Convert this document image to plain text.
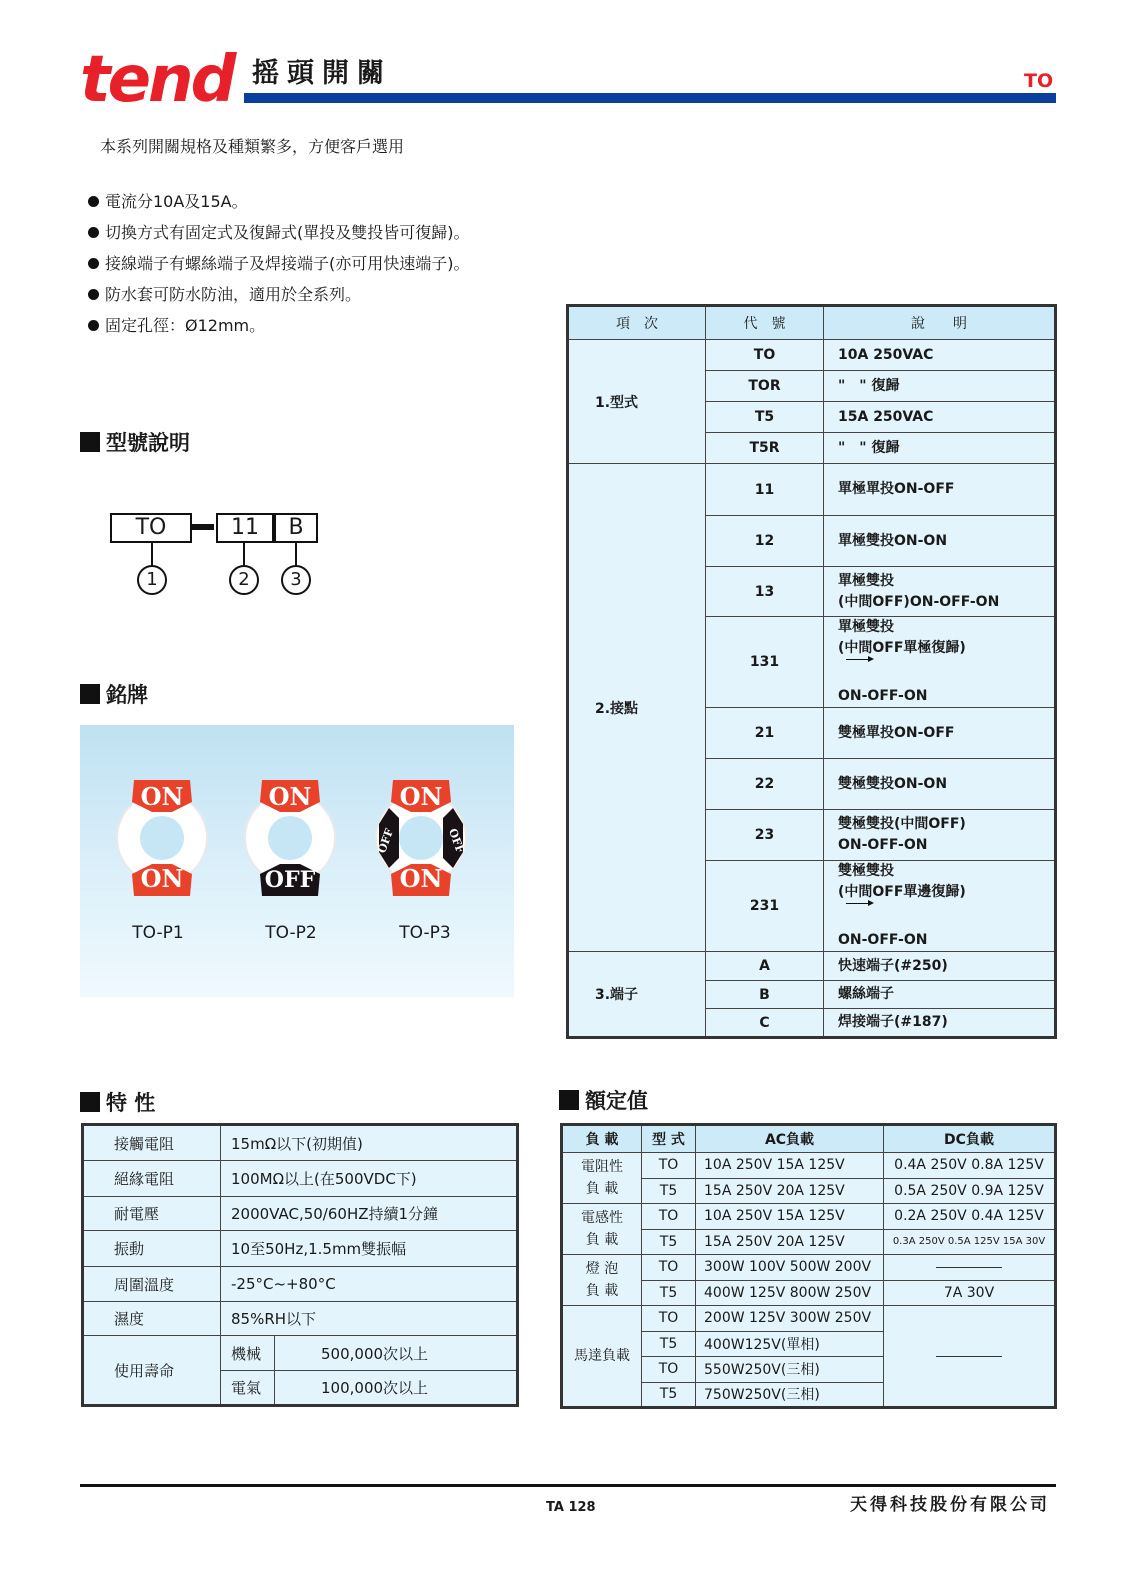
tend 摇頭開關	TO
本系列開關規格及種類繁多，方便客戶選用
電流分10A及15A。
切換方式有固定式及復歸式(單投及雙投皆可復歸)。
接線端子有螺絲端子及焊接端子(亦可用快速端子)。
防水套可防水防油，適用於全系列。
固定孔徑：Ø12mm。
型號說明
TO	11	B
1	2	3
銘牌
ON
ON
ON
OFF
ON
ON
OFF	OFF
TO-P1	TO-P2	TO-P3
項　次	代　號	說　　明
1.型式	TO	10A 250VAC
	TOR	"　" 復歸
	T5	15A 250VAC
	T5R	"　" 復歸
2.接點	11	單極單投ON-OFF
	12	單極雙投ON-ON
	13	單極雙投
(中間OFF)ON-OFF-ON
	131	單極雙投
(中間OFF單極復歸)

ON-OFF-ON
	21	雙極單投ON-OFF
	22	雙極雙投ON-ON
	23	雙極雙投(中間OFF)
ON-OFF-ON
	231	雙極雙投
(中間OFF單邊復歸)

ON-OFF-ON
3.端子	A	快速端子(#250)
	B	螺絲端子
	C	焊接端子(#187)
特 性
接觸電阻	15mΩ以下(初期值)	
絕緣電阻	100MΩ以上(在500VDC下)	
耐電壓	2000VAC,50/60HZ持續1分鐘	
振動	10至50Hz,1.5mm雙振幅	
周圍溫度	-25°C~+80°C	
濕度	85%RH以下	
使用壽命	機械	500,000次以上
	電氣	100,000次以上
額定值
負 載	型 式	AC負載	DC負載
電阻性
負 載	TO	10A 250V 15A 125V	0.4A 250V 0.8A 125V
	T5	15A 250V 20A 125V	0.5A 250V 0.9A 125V
電感性
負 載	TO	10A 250V 15A 125V	0.2A 250V 0.4A 125V
	T5	15A 250V 20A 125V	0.3A 250V 0.5A 125V 15A 30V
燈 泡
負 載	TO	300W 100V 500W 200V	
	T5	400W 125V 800W 250V	7A 30V
馬達負載	TO	200W 125V 300W 250V	
	T5	400W125V(單相)	
	TO	550W250V(三相)	
	T5	750W250V(三相)	
TA 128	天得科技股份有限公司
